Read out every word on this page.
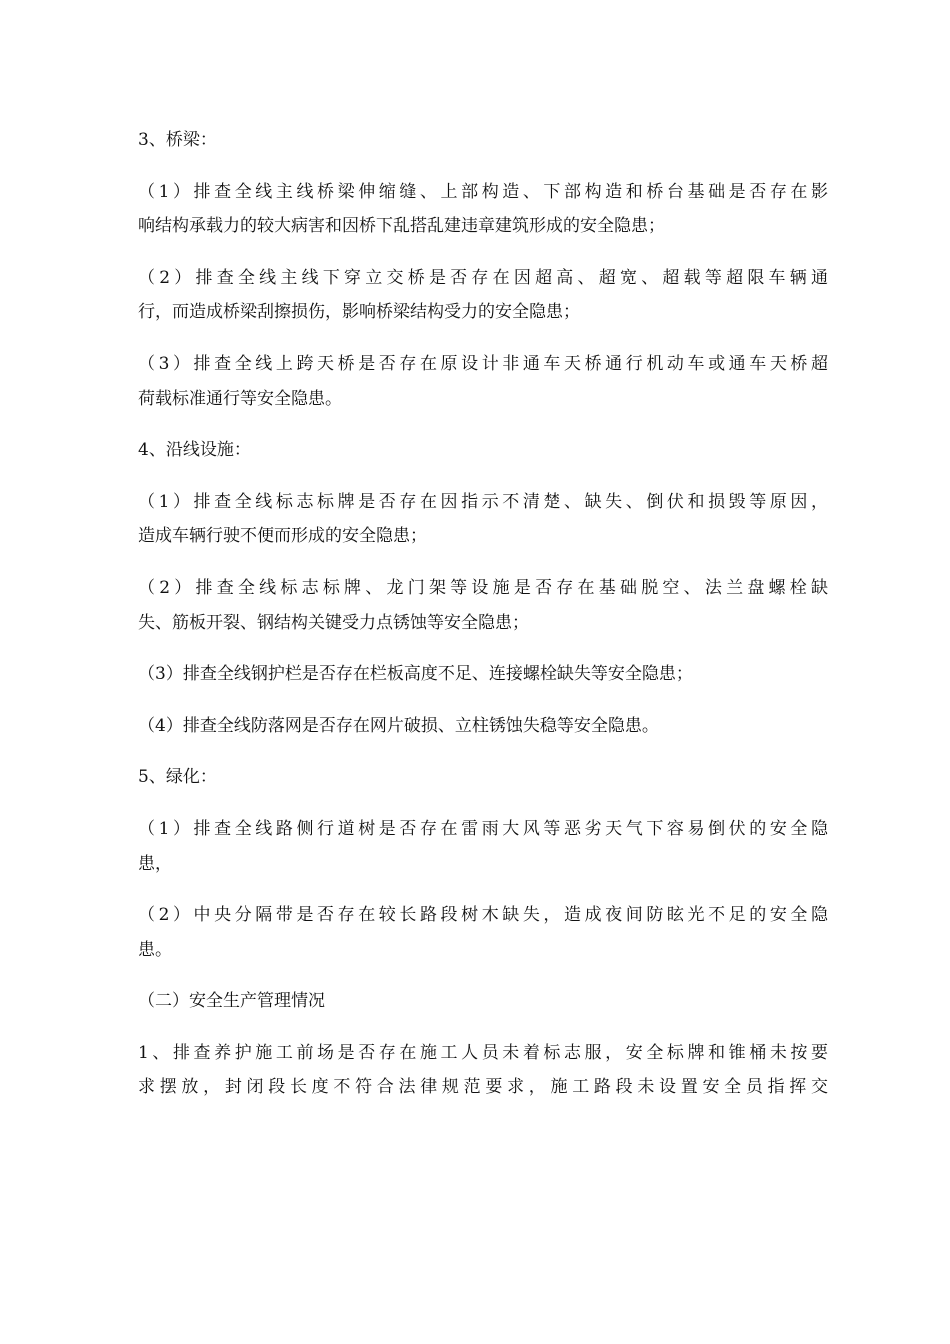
3、桥梁：
（1）排查全线主线桥梁伸缩缝、上部构造、下部构造和桥台基础是否存在影
响结构承载力的较大病害和因桥下乱搭乱建违章建筑形成的安全隐患；
（2）排查全线主线下穿立交桥是否存在因超高、超宽、超载等超限车辆通
行，而造成桥梁刮擦损伤，影响桥梁结构受力的安全隐患；
（3）排查全线上跨天桥是否存在原设计非通车天桥通行机动车或通车天桥超
荷载标准通行等安全隐患。
4、沿线设施：
（1）排查全线标志标牌是否存在因指示不清楚、缺失、倒伏和损毁等原因，
造成车辆行驶不便而形成的安全隐患；
（2）排查全线标志标牌、龙门架等设施是否存在基础脱空、法兰盘螺栓缺
失、筋板开裂、钢结构关键受力点锈蚀等安全隐患；
（3）排查全线钢护栏是否存在栏板高度不足、连接螺栓缺失等安全隐患；
（4）排查全线防落网是否存在网片破损、立柱锈蚀失稳等安全隐患。
5、绿化：
（1）排查全线路侧行道树是否存在雷雨大风等恶劣天气下容易倒伏的安全隐
患，
（2）中央分隔带是否存在较长路段树木缺失，造成夜间防眩光不足的安全隐
患。
（二）安全生产管理情况
1、排查养护施工前场是否存在施工人员未着标志服，安全标牌和锥桶未按要
求摆放，封闭段长度不符合法律规范要求，施工路段未设置安全员指挥交
